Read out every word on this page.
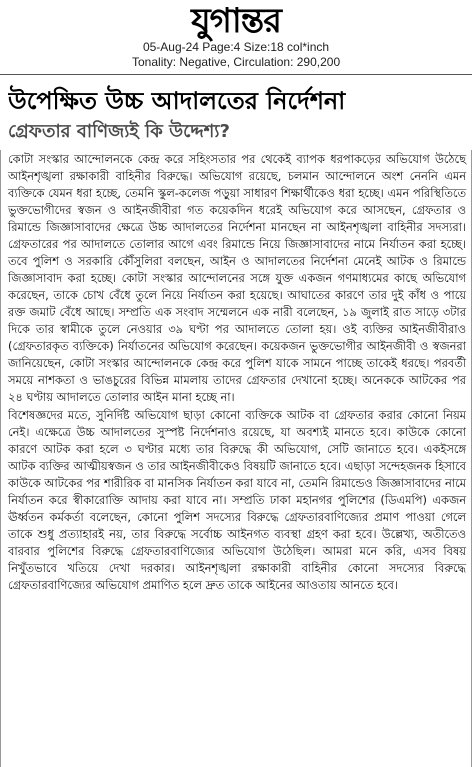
যুগান্তর
05-Aug-24 Page:4 Size:18 col*inch
Tonality: Negative, Circulation: 290,200
উপেক্ষিত উচ্চ আদালতের নির্দেশনা
গ্রেফতার বাণিজ্যই কি উদ্দেশ্য?

কোটা সংস্কার আন্দোলনকে কেন্দ্র করে সহিংসতার পর থেকেই ব্যাপক ধরপাকড়ের অভিযোগ উঠেছে আইনশৃঙ্খলা রক্ষাকারী বাহিনীর বিরুদ্ধে। অভিযোগ রয়েছে, চলমান আন্দোলনে অংশ নেননি এমন ব্যক্তিকে যেমন ধরা হচ্ছে, তেমনি স্কুল-কলেজ পড়ুয়া সাধারণ শিক্ষার্থীকেও ধরা হচ্ছে। এমন পরিস্থিতিতে ভুক্তভোগীদের স্বজন ও আইনজীবীরা গত কয়েকদিন ধরেই অভিযোগ করে আসছেন, গ্রেফতার ও রিমান্ডে জিজ্ঞাসাবাদের ক্ষেত্রে উচ্চ আদালতের নির্দেশনা মানছেন না আইনশৃঙ্খলা বাহিনীর সদস্যরা। গ্রেফতারের পর আদালতে তোলার আগে এবং রিমান্ডে নিয়ে জিজ্ঞাসাবাদের নামে নির্যাতন করা হচ্ছে। তবে পুলিশ ও সরকারি কৌঁসুলিরা বলছেন, আইন ও আদালতের নির্দেশনা মেনেই আটক ও রিমান্ডে জিজ্ঞাসাবাদ করা হচ্ছে। কোটা সংস্কার আন্দোলনের সঙ্গে যুক্ত একজন গণমাধ্যমের কাছে অভিযোগ করেছেন, তাকে চোখ বেঁধে তুলে নিয়ে নির্যাতন করা হয়েছে। আঘাতের কারণে তার দুই কাঁধ ও পায়ে রক্ত জমাট বেঁধে আছে। সম্প্রতি এক সংবাদ সম্মেলনে এক নারী বলেছেন, ১৯ জুলাই রাত সাড়ে ৩টার দিকে তার স্বামীকে তুলে নেওয়ার ৩৯ ঘণ্টা পর আদালতে তোলা হয়। ওই ব্যক্তির আইনজীবীরাও (গ্রেফতারকৃত ব্যক্তিকে) নির্যাতনের অভিযোগ করেছেন। কয়েকজন ভুক্তভোগীর আইনজীবী ও স্বজনরা জানিয়েছেন, কোটা সংস্কার আন্দোলনকে কেন্দ্র করে পুলিশ যাকে সামনে পাচ্ছে তাকেই ধরছে। পরবর্তী সময়ে নাশকতা ও ভাঙচুরের বিভিন্ন মামলায় তাদের গ্রেফতার দেখানো হচ্ছে। অনেককে আটকের পর ২৪ ঘণ্টায় আদালতে তোলার আইন মানা হচ্ছে না।

বিশেষজ্ঞদের মতে, সুনির্দিষ্ট অভিযোগ ছাড়া কোনো ব্যক্তিকে আটক বা গ্রেফতার করার কোনো নিয়ম নেই। এক্ষেত্রে উচ্চ আদালতের সুস্পষ্ট নির্দেশনাও রয়েছে, যা অবশ্যই মানতে হবে। কাউকে কোনো কারণে আটক করা হলে ৩ ঘণ্টার মধ্যে তার বিরুদ্ধে কী অভিযোগ, সেটি জানাতে হবে। একইসঙ্গে আটক ব্যক্তির আত্মীয়স্বজন ও তার আইনজীবীকেও বিষয়টি জানাতে হবে। এছাড়া সন্দেহজনক হিসাবে কাউকে আটকের পর শারীরিক বা মানসিক নির্যাতন করা যাবে না, তেমনি রিমান্ডেও জিজ্ঞাসাবাদের নামে নির্যাতন করে স্বীকারোক্তি আদায় করা যাবে না। সম্প্রতি ঢাকা মহানগর পুলিশের (ডিএমপি) একজন ঊর্ধ্বতন কর্মকর্তা বলেছেন, কোনো পুলিশ সদস্যের বিরুদ্ধে গ্রেফতারবাণিজ্যের প্রমাণ পাওয়া গেলে তাকে শুধু প্রত্যাহারই নয়, তার বিরুদ্ধে সর্বোচ্চ আইনগত ব্যবস্থা গ্রহণ করা হবে। উল্লেখ্য, অতীতেও বারবার পুলিশের বিরুদ্ধে গ্রেফতারবাণিজ্যের অভিযোগ উঠেছিল। আমরা মনে করি, এসব বিষয় নিখুঁতভাবে খতিয়ে দেখা দরকার। আইনশৃঙ্খলা রক্ষাকারী বাহিনীর কোনো সদস্যের বিরুদ্ধে গ্রেফতারবাণিজ্যের অভিযোগ প্রমাণিত হলে দ্রুত তাকে আইনের আওতায় আনতে হবে।
